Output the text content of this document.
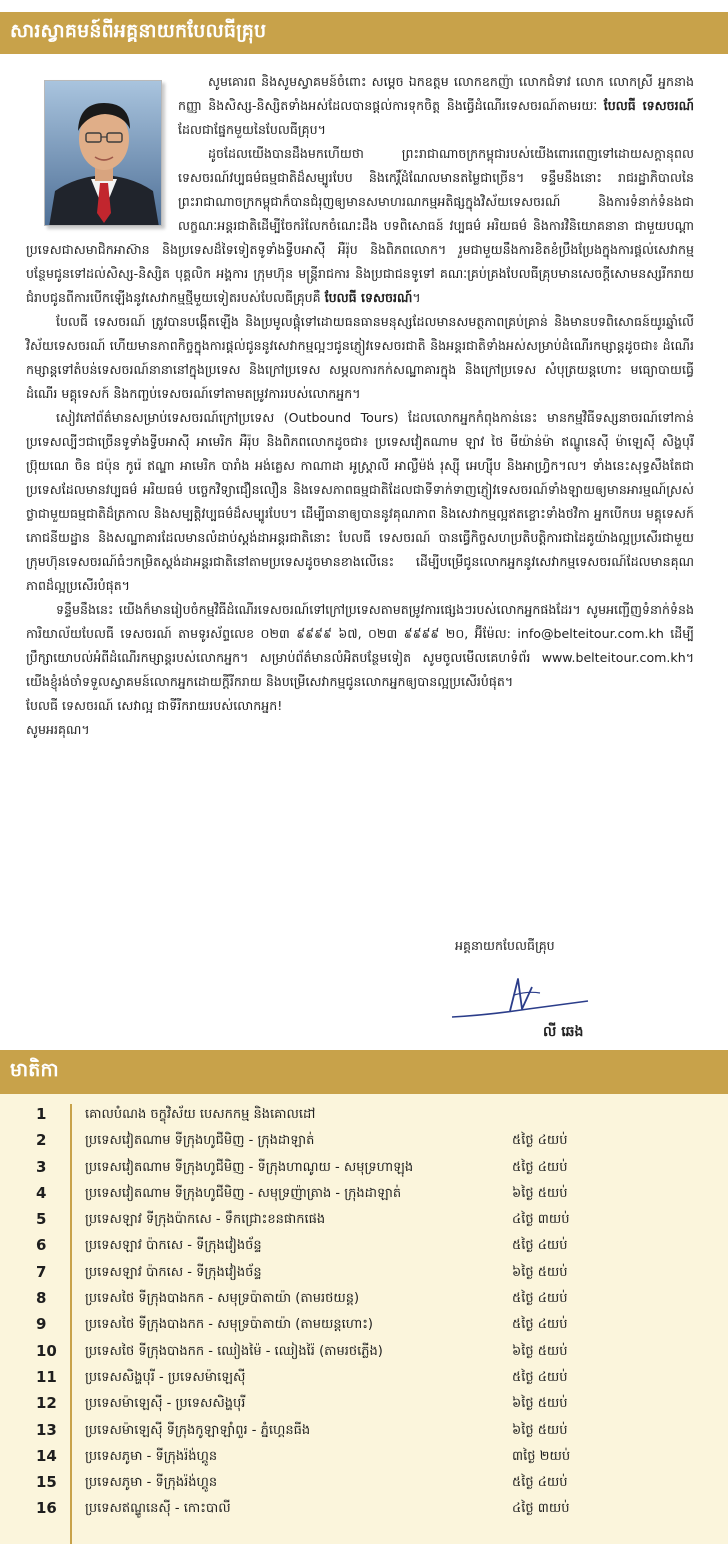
សារស្វាគមន៍ពីអគ្គនាយកបែលធីគ្រុប

សូមគោរព និងសូមស្វាគមន៍ចំពោះ សម្តេច ឯកឧត្តម លោកឧកញ៉ា លោកជំទាវ លោក លោកស្រី អ្នកនាងកញ្ញា និងសិស្ស-និស្សិតទាំងអស់ដែលបានផ្តល់ការទុកចិត្ត និងធ្វើដំណើរទេសចរណ៍តាមរយៈ បែលធី ទេសចរណ៍ ដែលជាផ្នែកមួយនៃបែលធីគ្រុប។

ដូចដែលយើងបានដឹងមកហើយថា ព្រះរាជាណាចក្រកម្ពុជារបស់យើងពោរពេញទៅដោយសក្តានុពលទេសចរណ៍វប្បធម៌ធម្មជាតិដ៏សម្បូរបែប និងកេរ្តិ៍ដំណែលមានតម្លៃជាច្រើន។ ទន្ទឹមនឹងនោះ រាជរដ្ឋាភិបាលនៃព្រះរាជាណាចក្រកម្ពុជាក៏បានជំរុញឲ្យមានសមាហរណកម្មអតិផ្សក្នុងវិស័យទេសចរណ៍ និងការទំនាក់ទំនងជាលក្ខណៈអន្តរជាតិដើម្បីចែករំលែកចំណេះដឹង បទពិសោធន៍ វប្បធម៌ អរិយធម៌ និងការវិនិយោគនានា ជាមួយបណ្តាប្រទេសជាសមាជិកអាស៊ាន និងប្រទេសដ៏ទៃទៀតទូទាំងទ្វីបអាស៊ី អឺរ៉ុប និងពិភពលោក។ រួមជាមួយនឹងការខិតខំប្រឹងប្រែងក្នុងការផ្តល់សេវាកម្មបន្ថែមជូនទៅដល់សិស្ស-និស្សិត បុគ្គលិក អង្គការ ក្រុមហ៊ុន មន្ត្រីរាជការ និងប្រជាជនទូទៅ គណៈគ្រប់គ្រងបែលធីគ្រុបមានសេចក្តីសោមនស្សរីករាយជំរាបជូនពីការបើកឡើងនូវសេវាកម្មថ្មីមួយទៀតរបស់បែលធីគ្រុបគឺ បែលធី ទេសចរណ៍។

បែលធី ទេសចរណ៍ ត្រូវបានបង្កើតឡើង និងប្រមូលផ្តុំទៅដោយធនធានមនុស្សដែលមានសមត្ថភាពគ្រប់គ្រាន់ និងមានបទពិសោធន៍យូរឆ្នាំលើវិស័យទេសចរណ៍ ហើយមានភាពកិច្ចក្នុងការផ្តល់ជូននូវសេវាកម្មល្អៗជូនភ្ញៀវទេសចរជាតិ និងអន្តរជាតិទាំងអស់សម្រាប់ដំណើរកម្សាន្តដូចជា៖ ដំណើរកម្សាន្តទៅតំបន់ទេសចរណ៍នានានៅក្នុងប្រទេស និងក្រៅប្រទេស សម្ភលការកក់សណ្ឋាគារក្នុង និងក្រៅប្រទេស សំបុត្រយន្តហោះ មធ្យោបាយធ្វើដំណើរ មគ្គុទេសក៍ និងកញ្ចប់ទេសចរណ៍ទៅតាមតម្រូវការរបស់លោកអ្នក។

សៀវភៅព័ត៌មានសម្រាប់ទេសចរណ៍ក្រៅប្រទេស (Outbound Tours) ដែលលោកអ្នកកំពុងកាន់នេះ មានកម្មវិធីទស្សនាចរណ៍ទៅកាន់ប្រទេសល្បីៗជាច្រើនទូទាំងទ្វីបអាស៊ី អាមេរិក អឺរ៉ុប និងពិភពលោកដូចជា៖ ប្រទេសវៀតណាម ឡាវ ថៃ មីយ៉ាន់ម៉ា ឥណ្ឌូនេស៊ី ម៉ាឡេស៊ី សិង្ហបុរី ប្រ៊ុយណេ ចិន ជប៉ុន កូរ៉េ ឥណ្ឌា អាមេរិក បារាំង អង់គ្លេស កាណាដា អូស្ត្រាលី អាល្លឺម៉ង់ រុស្ស៊ី អេហ្ស៊ីប និងអាហ្វ្រិក។ល។ ទាំងនេះសុទ្ធសឹងតែជាប្រទេសដែលមានវប្បធម៌ អរិយធម៌ បច្ចេកវិទ្យាជឿនលឿន និងទេសភាពធម្មជាតិដែលជាទីទាក់ទាញភ្ញៀវទេសចរណ៍ទាំងឡាយឲ្យមានអារម្មណ៍ស្រស់ថ្លាជាមួយធម្មជាតិដ៏ត្រកាល និងសម្បត្តិវប្បធម៌ដ៏សម្បូរបែប។ ដើម្បីធានាឲ្យបាននូវគុណភាព និងសេវាកម្មល្អឥតខ្ចោះទាំងថវិកា អ្នកបើកបរ មគ្គុទេសក៍ ភោជនីយដ្ឋាន និងសណ្ឋាគារដែលមានលំដាប់ស្តង់ដាអន្តរជាតិនោះ បែលធី ទេសចរណ៍ បានធ្វើកិច្ចសហប្រតិបត្តិការជាដៃគូយ៉ាងល្អប្រសើរជាមួយក្រុមហ៊ុនទេសចរណ៍ធំៗកម្រិតស្តង់ដាអន្តរជាតិនៅតាមប្រទេសដូចមានខាងលើនេះ ដើម្បីបម្រើជូនលោកអ្នកនូវសេវាកម្មទេសចរណ៍ដែលមានគុណភាពដ៏ល្អប្រសើរបំផុត។

ទន្ទឹមនឹងនេះ យើងក៏មានរៀបចំកម្មវិធីដំណើរទេសចរណ៍ទៅក្រៅប្រទេសតាមតម្រូវការផ្សេងៗរបស់លោកអ្នកផងដែរ។ សូមអញ្ជើញទំនាក់ទំនងការិយាល័យបែលធី ទេសចរណ៍ តាមទូរស័ព្ទលេខ ០២៣ ៩៩៩៩ ៦៧, ០២៣ ៩៩៩៩ ២០, អ៊ីម៉ែល: info@belteitour.com.kh ដើម្បីប្រឹក្សាយោបល់អំពីដំណើរកម្សាន្តរបស់លោកអ្នក។ សម្រាប់ព័ត៌មានលំអិតបន្ថែមទៀត សូមចូលមើលគេហទំព័រ www.belteitour.com.kh។ យើងខ្ញុំរង់ចាំទទួលស្វាគមន៍លោកអ្នកដោយក្តីរីករាយ និងបម្រើសេវាកម្មជូនលោកអ្នកឲ្យបានល្អប្រសើរបំផុត។

បែលធី ទេសចរណ៍ សេវាល្អ ជាទីរីករាយរបស់លោកអ្នក!

សូមអរគុណ។

អគ្គនាយកបែលធីគ្រុប
លី ឆេង
មាតិកា
1	គោលបំណង ចក្ខុវិស័យ បេសកកម្ម និងគោលដៅ
2	ប្រទេសវៀតណាម ទីក្រុងហូជីមិញ - ក្រុងដាឡាត់	៥ថ្ងៃ ៤យប់
3	ប្រទេសវៀតណាម ទីក្រុងហូជីមិញ - ទីក្រុងហាណូយ - សមុទ្រហាឡុង	៥ថ្ងៃ ៤យប់
4	ប្រទេសវៀតណាម ទីក្រុងហូជីមិញ - សមុទ្រញ៉ាត្រាង - ក្រុងដាឡាត់	៦ថ្ងៃ ៥យប់
5	ប្រទេសឡាវ ទីក្រុងប៉ាកសេ - ទឹកជ្រោះខនផាកផេង	៤ថ្ងៃ ៣យប់
6	ប្រទេសឡាវ ប៉ាកសេ - ទីក្រុងវៀងច័ន្ទ	៥ថ្ងៃ ៤យប់
7	ប្រទេសឡាវ ប៉ាកសេ - ទីក្រុងវៀងច័ន្ទ	៦ថ្ងៃ ៥យប់
8	ប្រទេសថៃ ទីក្រុងបាងកក - សមុទ្រប៉ាតាយ៉ា (តាមរថយន្ត)	៥ថ្ងៃ ៤យប់
9	ប្រទេសថៃ ទីក្រុងបាងកក - សមុទ្រប៉ាតាយ៉ា (តាមយន្តហោះ)	៥ថ្ងៃ ៤យប់
10	ប្រទេសថៃ ទីក្រុងបាងកក - ឈៀងម៉ៃ - ឈៀងរ៉ៃ (តាមរថភ្លើង)	៦ថ្ងៃ ៥យប់
11	ប្រទេសសិង្ហបុរី - ប្រទេសម៉ាឡេស៊ី	៥ថ្ងៃ ៤យប់
12	ប្រទេសម៉ាឡេស៊ី - ប្រទេសសិង្ហបុរី	៦ថ្ងៃ ៥យប់
13	ប្រទេសម៉ាឡេស៊ី ទីក្រុងកូឡាឡាំពួរ - ភ្នំហ្គេនធីង	៦ថ្ងៃ ៥យប់
14	ប្រទេសភូមា - ទីក្រុងរ៉ង់ហ្គូន	៣ថ្ងៃ ២យប់
15	ប្រទេសភូមា - ទីក្រុងរ៉ង់ហ្គូន	៥ថ្ងៃ ៤យប់
16	ប្រទេសឥណ្ឌូនេស៊ី - កោះបាលី	៤ថ្ងៃ ៣យប់
